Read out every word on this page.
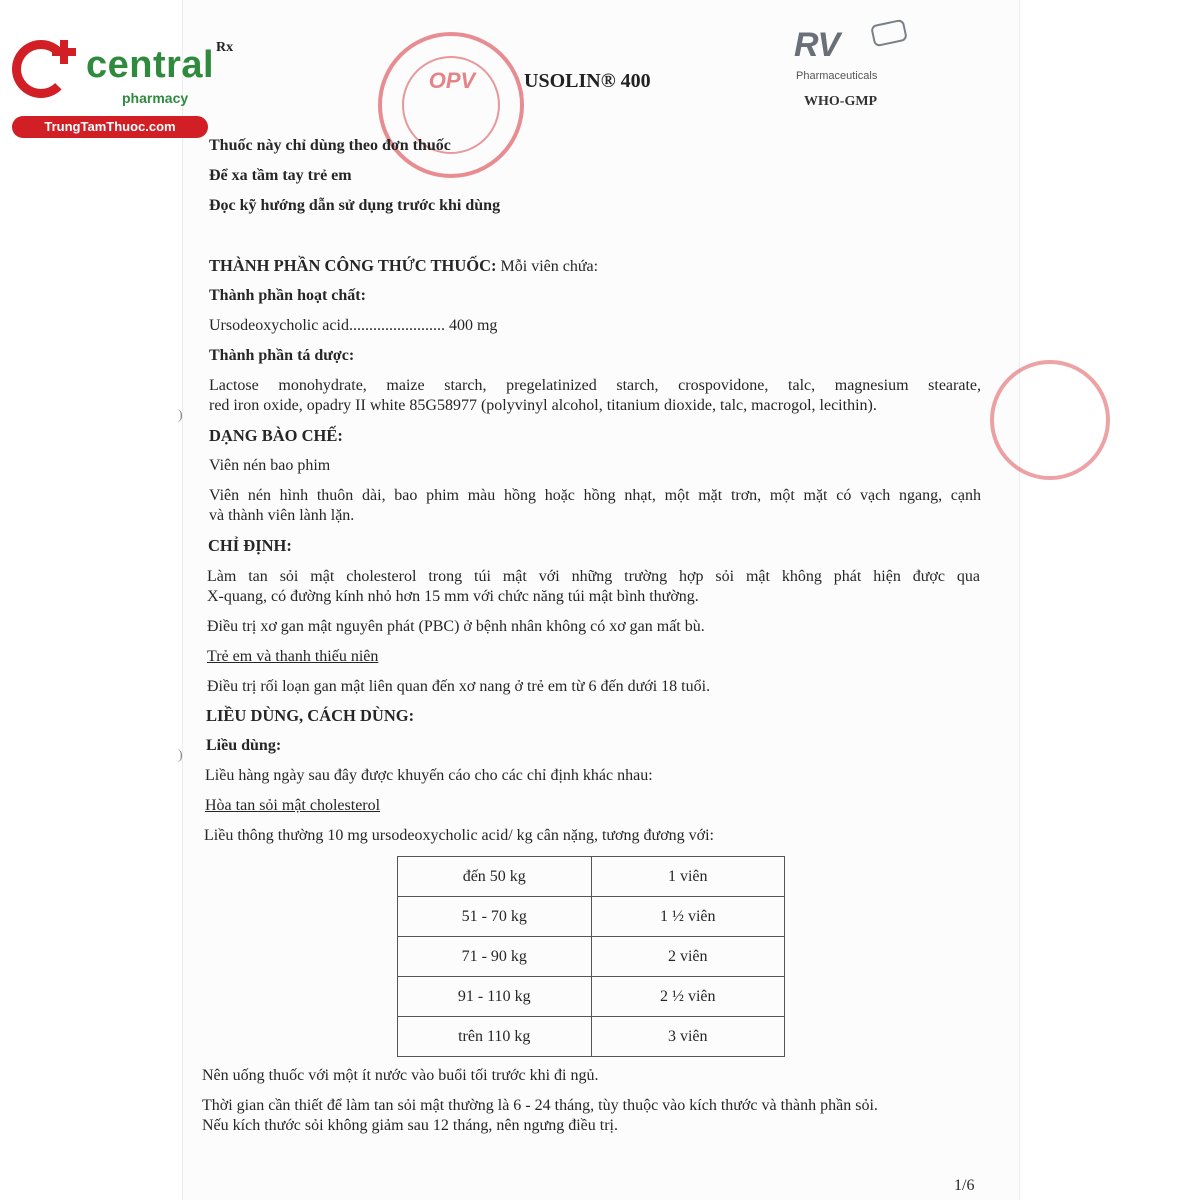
central
pharmacy
Rx
TrungTamThuoc.com
OPV	USOLIN® 400
RV
Pharmaceuticals
WHO-GMP
Thuốc này chỉ dùng theo đơn thuốc
Để xa tầm tay trẻ em
Đọc kỹ hướng dẫn sử dụng trước khi dùng
THÀNH PHẦN CÔNG THỨC THUỐC: Mỗi viên chứa:
Thành phần hoạt chất:
Ursodeoxycholic acid........................ 400 mg
Thành phần tá dược:
Lactose monohydrate, maize starch, pregelatinized starch, crospovidone, talc, magnesium stearate,
red iron oxide, opadry II white 85G58977 (polyvinyl alcohol, titanium dioxide, talc, macrogol, lecithin).
DẠNG BÀO CHẾ:
Viên nén bao phim
Viên nén hình thuôn dài, bao phim màu hồng hoặc hồng nhạt, một mặt trơn, một mặt có vạch ngang, cạnh
và thành viên lành lặn.
CHỈ ĐỊNH:
Làm tan sỏi mật cholesterol trong túi mật với những trường hợp sỏi mật không phát hiện được qua
X-quang, có đường kính nhỏ hơn 15 mm với chức năng túi mật bình thường.
Điều trị xơ gan mật nguyên phát (PBC) ở bệnh nhân không có xơ gan mất bù.
Trẻ em và thanh thiếu niên
Điều trị rối loạn gan mật liên quan đến xơ nang ở trẻ em từ 6 đến dưới 18 tuổi.
LIỀU DÙNG, CÁCH DÙNG:
Liều dùng:
Liều hàng ngày sau đây được khuyến cáo cho các chỉ định khác nhau:
Hòa tan sỏi mật cholesterol
Liều thông thường 10 mg ursodeoxycholic acid/ kg cân nặng, tương đương với:
đến 50 kg	1 viên
51 - 70 kg	1 ½ viên
71 - 90 kg	2 viên
91 - 110 kg	2 ½ viên
trên 110 kg	3 viên
Nên uống thuốc với một ít nước vào buổi tối trước khi đi ngủ.
Thời gian cần thiết để làm tan sỏi mật thường là 6 - 24 tháng, tùy thuộc vào kích thước và thành phần sỏi.
Nếu kích thước sỏi không giảm sau 12 tháng, nên ngưng điều trị.
1/6
)
)
